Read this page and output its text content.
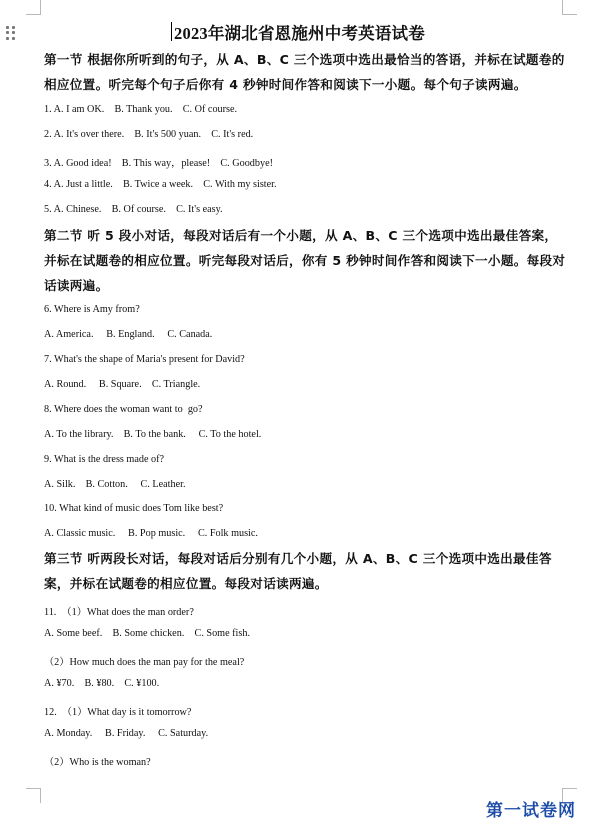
2023年湖北省恩施州中考英语试卷
第一节 根据你所听到的句子，从 A、B、C 三个选项中选出最恰当的答语，并标在试题卷的相应位置。听完每个句子后你有 4 秒钟时间作答和阅读下一小题。每个句子读两遍。
1. A. I am OK.    B. Thank you.    C. Of course.
2. A. It's over there.    B. It's 500 yuan.    C. It's red.
3. A. Good idea!    B. This way，please!    C. Goodbye!
4. A. Just a little.    B. Twice a week.    C. With my sister.
5. A. Chinese.    B. Of course.    C. It's easy.
第二节 听 5 段小对话，每段对话后有一个小题，从 A、B、C 三个选项中选出最佳答案，并标在试题卷的相应位置。听完每段对话后，你有 5 秒钟时间作答和阅读下一小题。每段对话读两遍。
6. Where is Amy from?
A. America.     B. England.     C. Canada.
7. What's the shape of Maria's present for David?
A. Round.     B. Square.    C. Triangle.
8. Where does the woman want to  go?
A. To the library.    B. To the bank.     C. To the hotel.
9. What is the dress made of?
A. Silk.    B. Cotton.     C. Leather.
10. What kind of music does Tom like best?
A. Classic music.     B. Pop music.     C. Folk music.
第三节 听两段长对话，每段对话后分别有几个小题，从 A、B、C 三个选项中选出最佳答案，并标在试题卷的相应位置。每段对话读两遍。
11.  （1）What does the man order?
A. Some beef.    B. Some chicken.    C. Some fish.
（2）How much does the man pay for the meal?
A. ¥70.    B. ¥80.    C. ¥100.
12.  （1）What day is it tomorrow?
A. Monday.     B. Friday.     C. Saturday.
（2）Who is the woman?
第一试卷网
